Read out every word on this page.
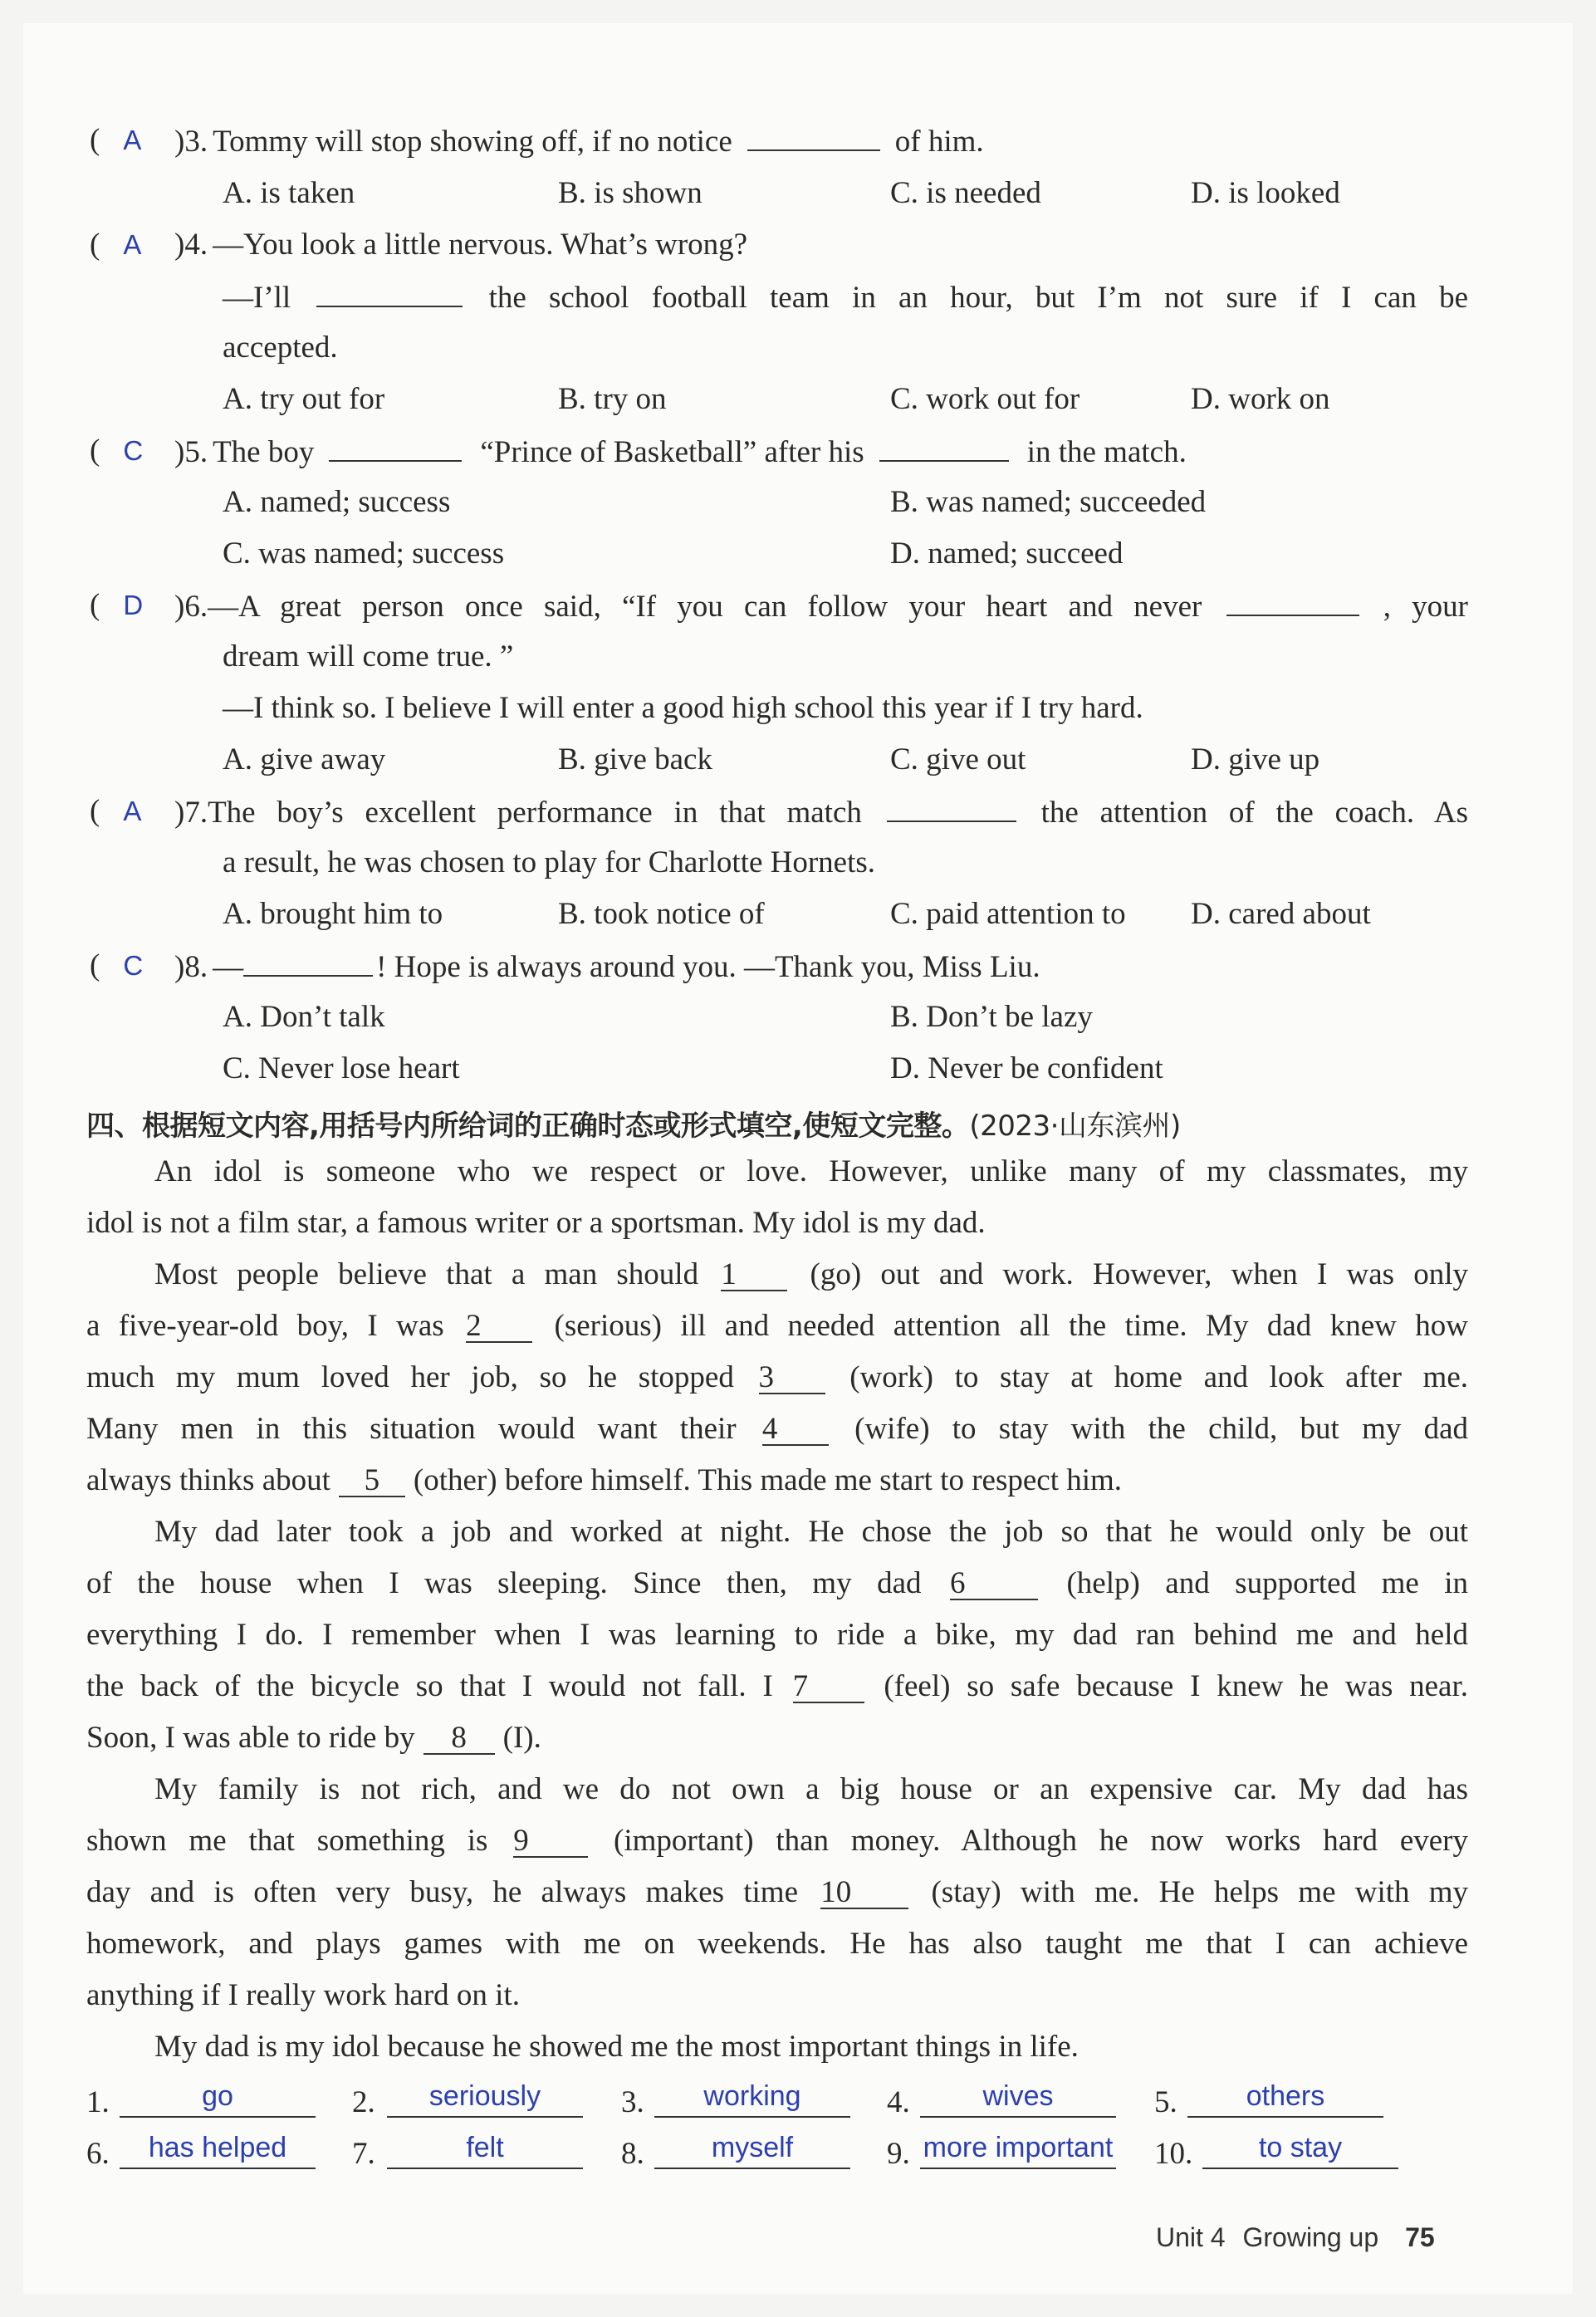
( A	)3. Tommy will stop showing off, if no notice	of him.
A. is taken	B. is shown	C. is needed	D. is looked
( A	)4. —You look a little nervous. What’s wrong?
—I’ll	the school football team in an hour, but I’m not sure if I can be
accepted.
A. try out for	B. try on	C. work out for	D. work on
( C	)5. The boy	“Prince of Basketball” after his	in the match.
A. named; success	B. was named; succeeded
C. was named; success	D. named; succeed
( D	)6.—A great person once said, “If you can follow your heart and never	, your
dream will come true. ”
—I think so. I believe I will enter a good high school this year if I try hard.
A. give away	B. give back	C. give out	D. give up
( A	)7.The boy’s excellent performance in that match	the attention of the coach. As
a result, he was chosen to play for Charlotte Hornets.
A. brought him to	B. took notice of	C. paid attention to D. cared about
( C	)8. —	! Hope is always around you. —Thank you, Miss Liu.
A. Don’t talk	B. Don’t be lazy
C. Never lose heart	D. Never be confident
四、根据短文内容,用括号内所给词的正确时态或形式填空,使短文完整。(2023·山东滨州)
An idol is someone who we respect or love. However, unlike many of my classmates, my
idol is not a film star, a famous writer or a sportsman. My idol is my dad.
Most people believe that a man should 1 (go) out and work. However, when I was only
a five-year-old boy, I was 2 (serious) ill and needed attention all the time. My dad knew how
much my mum loved her job, so he stopped 3 (work) to stay at home and look after me.
Many men in this situation would want their 4	(wife) to stay with the child, but my dad
always thinks about 5 (other) before himself. This made me start to respect him.
My dad later took a job and worked at night. He chose the job so that he would only be out
of the house when I was sleeping. Since then, my dad 6	(help) and supported me in
everything I do. I remember when I was learning to ride a bike, my dad ran behind me and held
the back of the bicycle so that I would not fall. I 7 (feel) so safe because I knew he was near.
Soon, I was able to ride by 8 (I).
My family is not rich, and we do not own a big house or an expensive car. My dad has
shown me that something is 9	(important) than money. Although he now works hard every
day and is often very busy, he always makes time 10	(stay) with me. He helps me with my
homework, and plays games with me on weekends. He has also taught me that I can achieve
anything if I really work hard on it.
My dad is my idol because he showed me the most important things in life.
1.	go	2.	seriously	3.	working	4.	wives	5.	others
6.	has helped	7.	felt	8.	myself	9. more important 10.	to stay
Unit 4 Growing up 75
